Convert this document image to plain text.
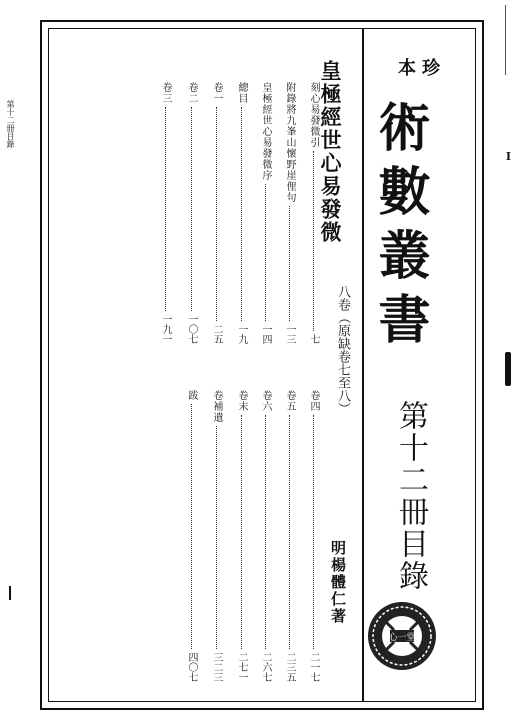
第十二冊目錄
I
本珍
術數叢書
第十二冊目錄
心一堂
皇極經世心易發微
八卷（原缺卷七至八）
明楊體仁著
刻心易發微引
七
附錄將九峯山懷野崖俚句
一三
皇極經世心易發微序
一四
總目
一九
卷一
二五
卷二
一〇七
卷三
一九一
卷四
二一七
卷五
二三五
卷六
二六七
卷末
二七一
卷補遺
三二三
跋
四〇七
